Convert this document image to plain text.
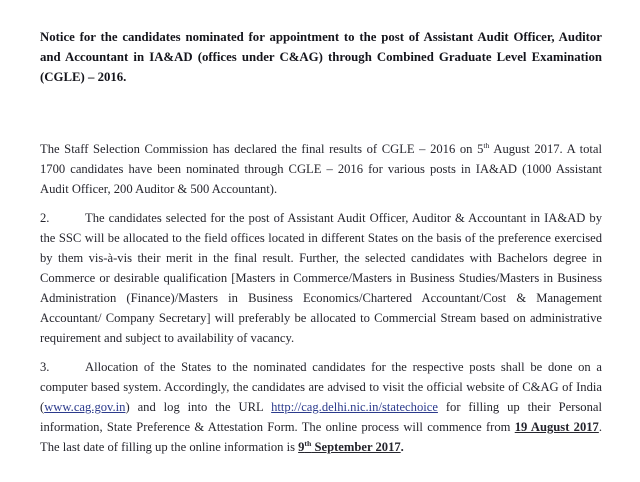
Notice for the candidates nominated for appointment to the post of Assistant Audit Officer, Auditor and Accountant in IA&AD (offices under C&AG) through Combined Graduate Level Examination (CGLE) – 2016.

The Staff Selection Commission has declared the final results of CGLE – 2016 on 5th August 2017. A total 1700 candidates have been nominated through CGLE – 2016 for various posts in IA&AD (1000 Assistant Audit Officer, 200 Auditor & 500 Accountant).

2.	The candidates selected for the post of Assistant Audit Officer, Auditor & Accountant in IA&AD by the SSC will be allocated to the field offices located in different States on the basis of the preference exercised by them vis-à-vis their merit in the final result. Further, the selected candidates with Bachelors degree in Commerce or desirable qualification [Masters in Commerce/Masters in Business Studies/Masters in Business Administration (Finance)/Masters in Business Economics/Chartered Accountant/Cost & Management Accountant/ Company Secretary] will preferably be allocated to Commercial Stream based on administrative requirement and subject to availability of vacancy.

3.	Allocation of the States to the nominated candidates for the respective posts shall be done on a computer based system. Accordingly, the candidates are advised to visit the official website of C&AG of India (www.cag.gov.in) and log into the URL http://cag.delhi.nic.in/statechoice for filling up their Personal information, State Preference & Attestation Form. The online process will commence from 19 August 2017. The last date of filling up the online information is 9th September 2017.
